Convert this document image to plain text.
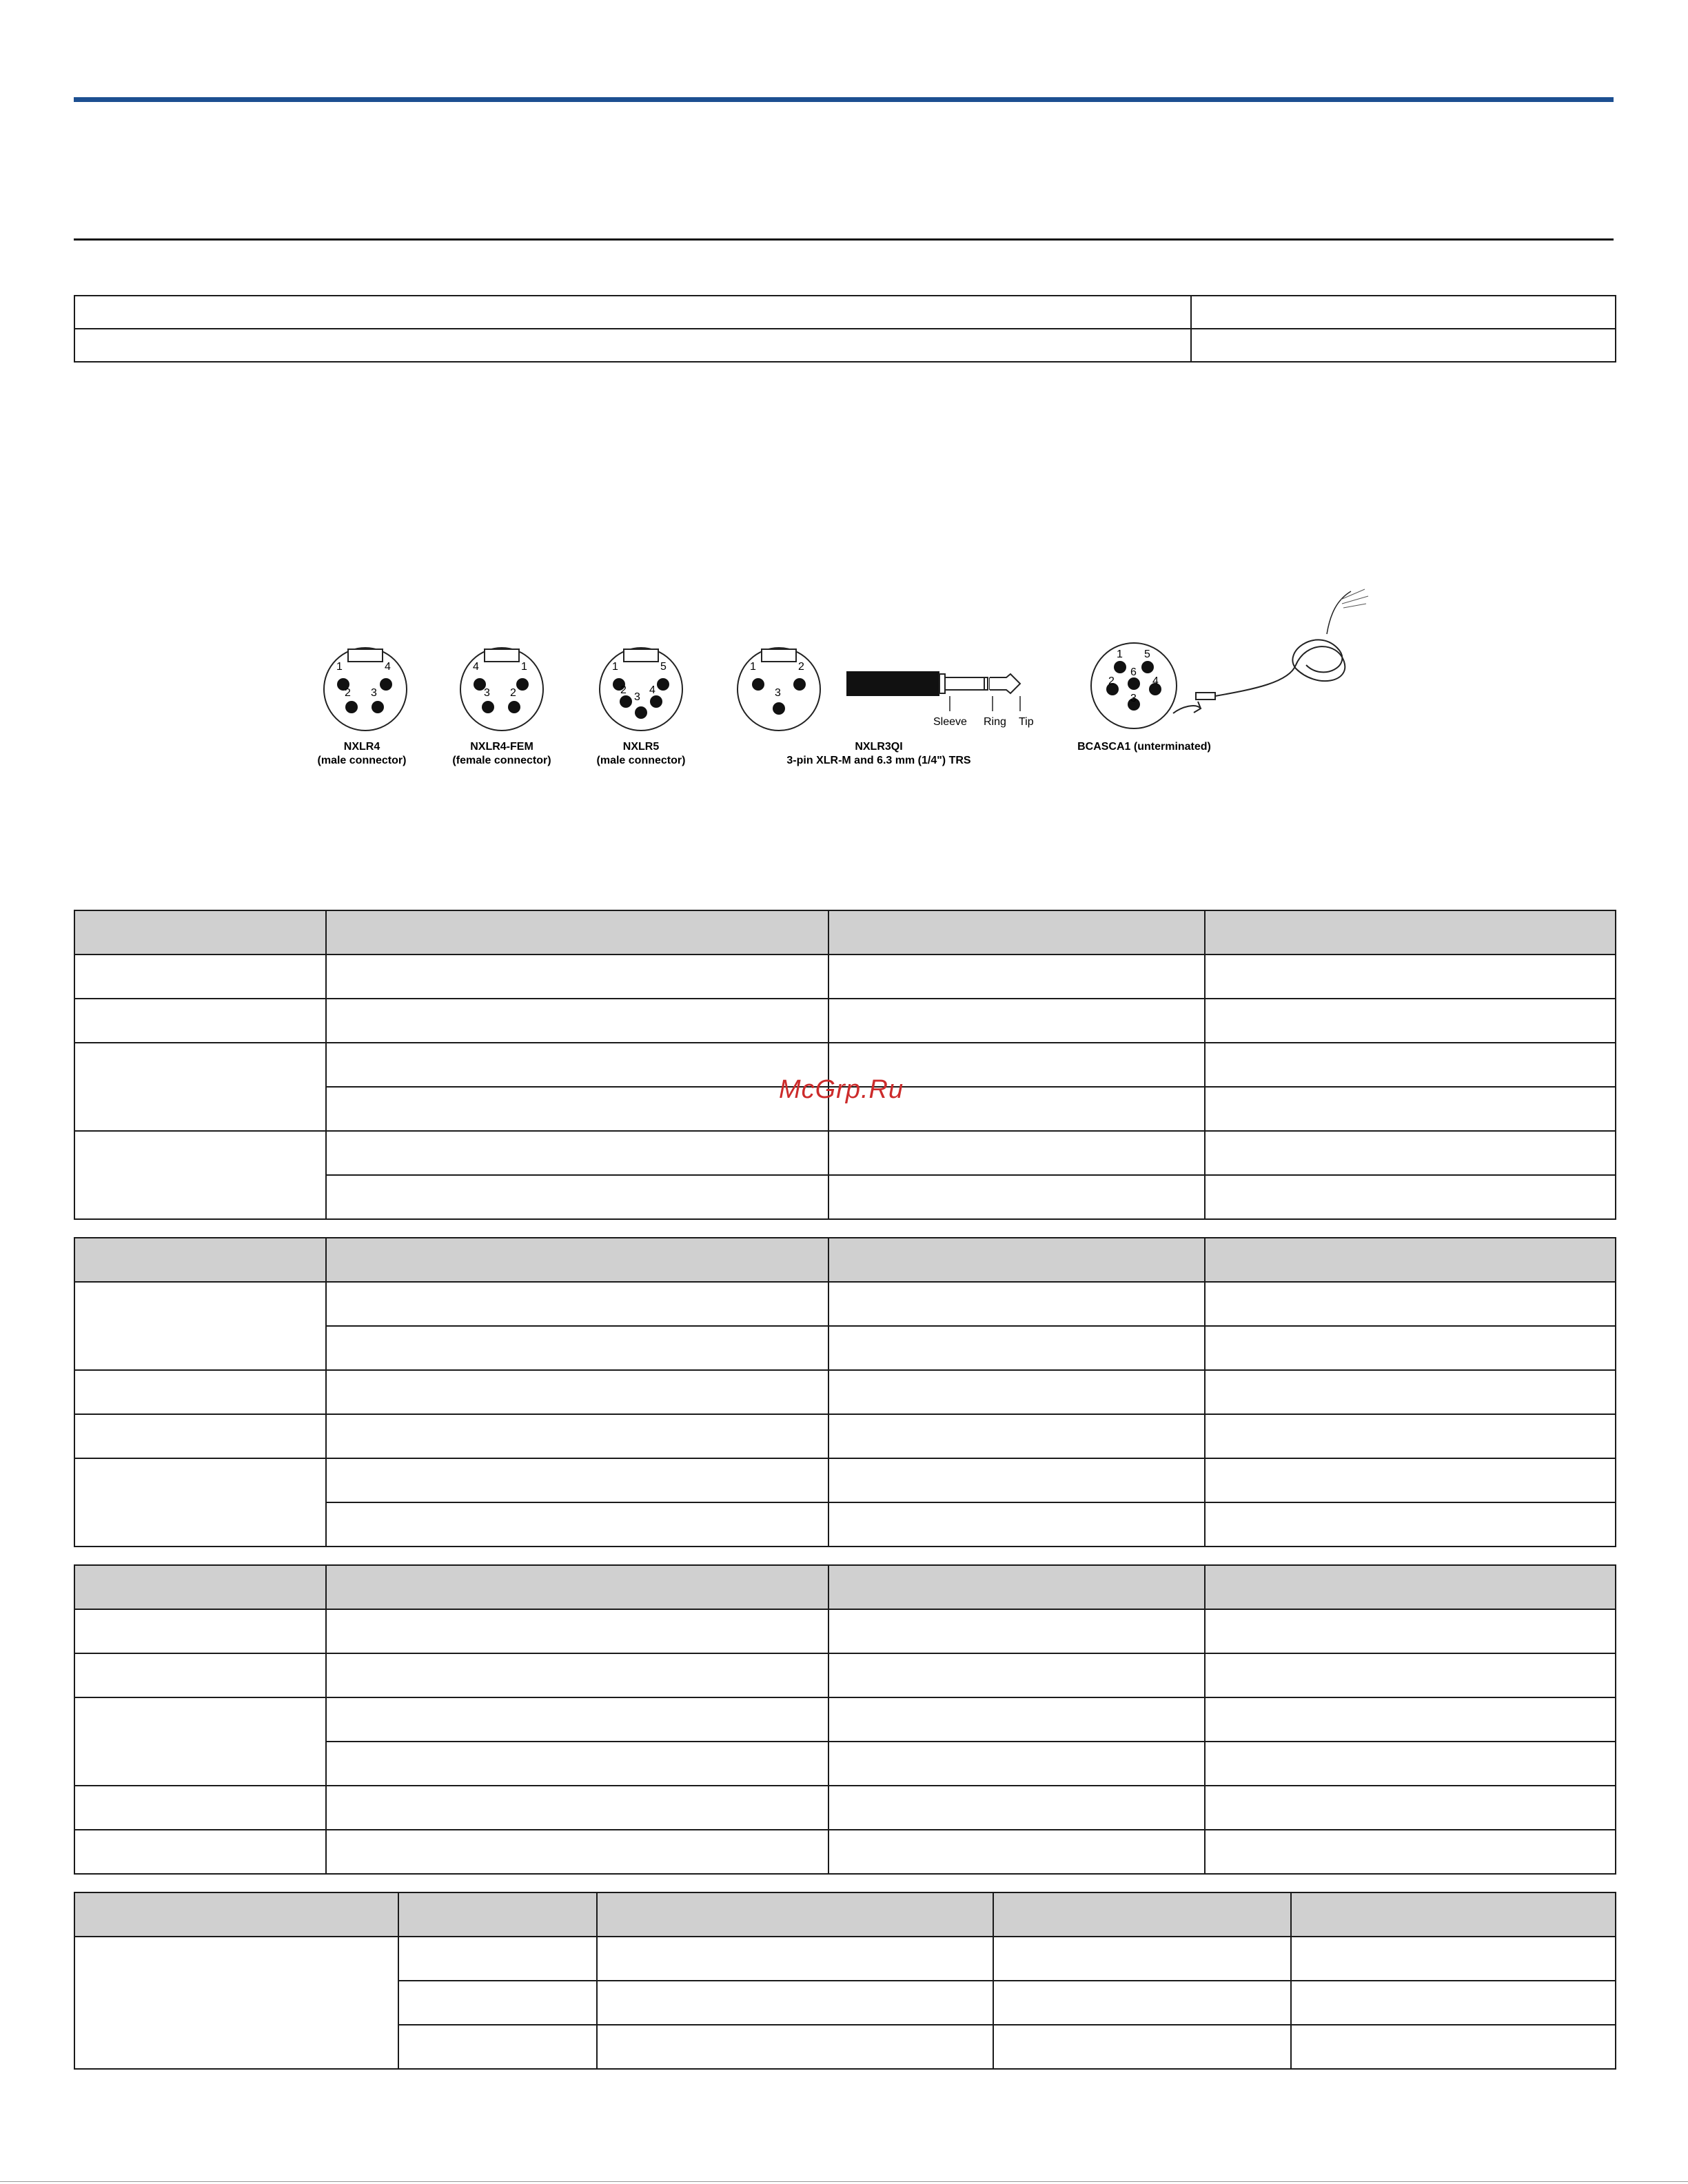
1	4
2 3
NXLR4
(male connector)
4	1
3 2
NXLR4-FEM
(female connector)
1	5
2 4
3
NXLR5
(male connector)
1	2
3
Sleeve Ring Tip
NXLR3QI
3-pin XLR-M and 6.3 mm (1/4") TRS
1 5
6
2	4
3
BCASCA1 (unterminated)

McGrp.Ru
